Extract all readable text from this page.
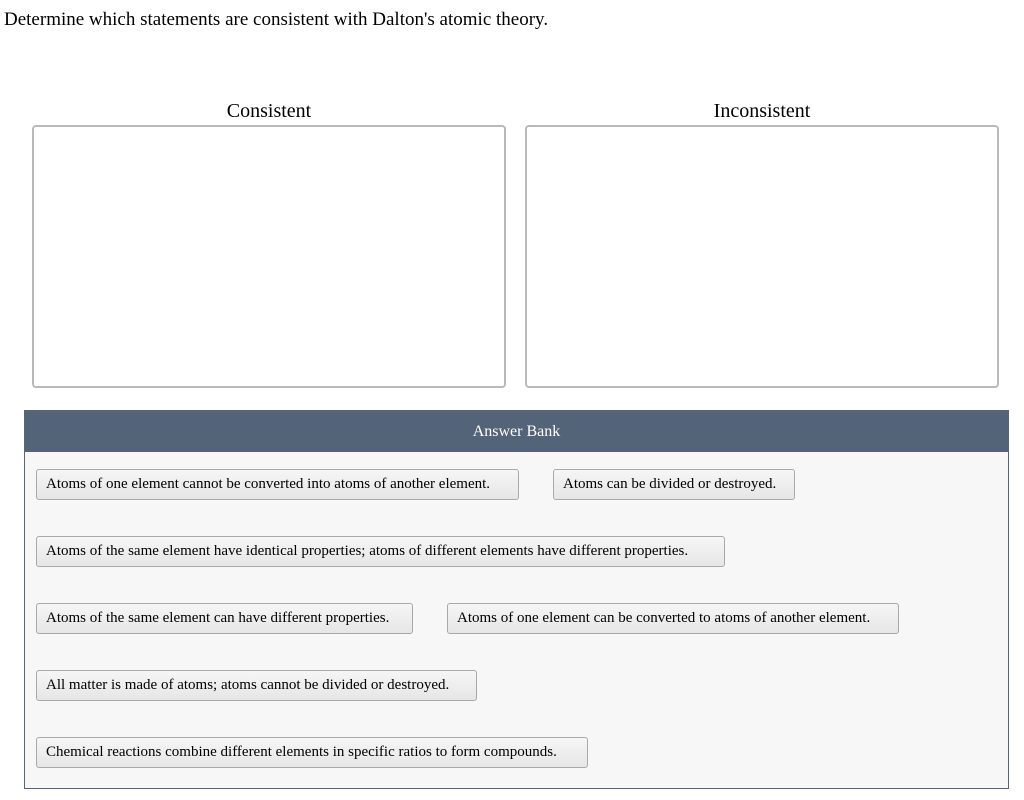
Determine which statements are consistent with Dalton's atomic theory.
Consistent	Inconsistent
Answer Bank
Atoms of one element cannot be converted into atoms of another element.	Atoms can be divided or destroyed.
Atoms of the same element have identical properties; atoms of different elements have different properties.
Atoms of the same element can have different properties.	Atoms of one element can be converted to atoms of another element.
All matter is made of atoms; atoms cannot be divided or destroyed.
Chemical reactions combine different elements in specific ratios to form compounds.
